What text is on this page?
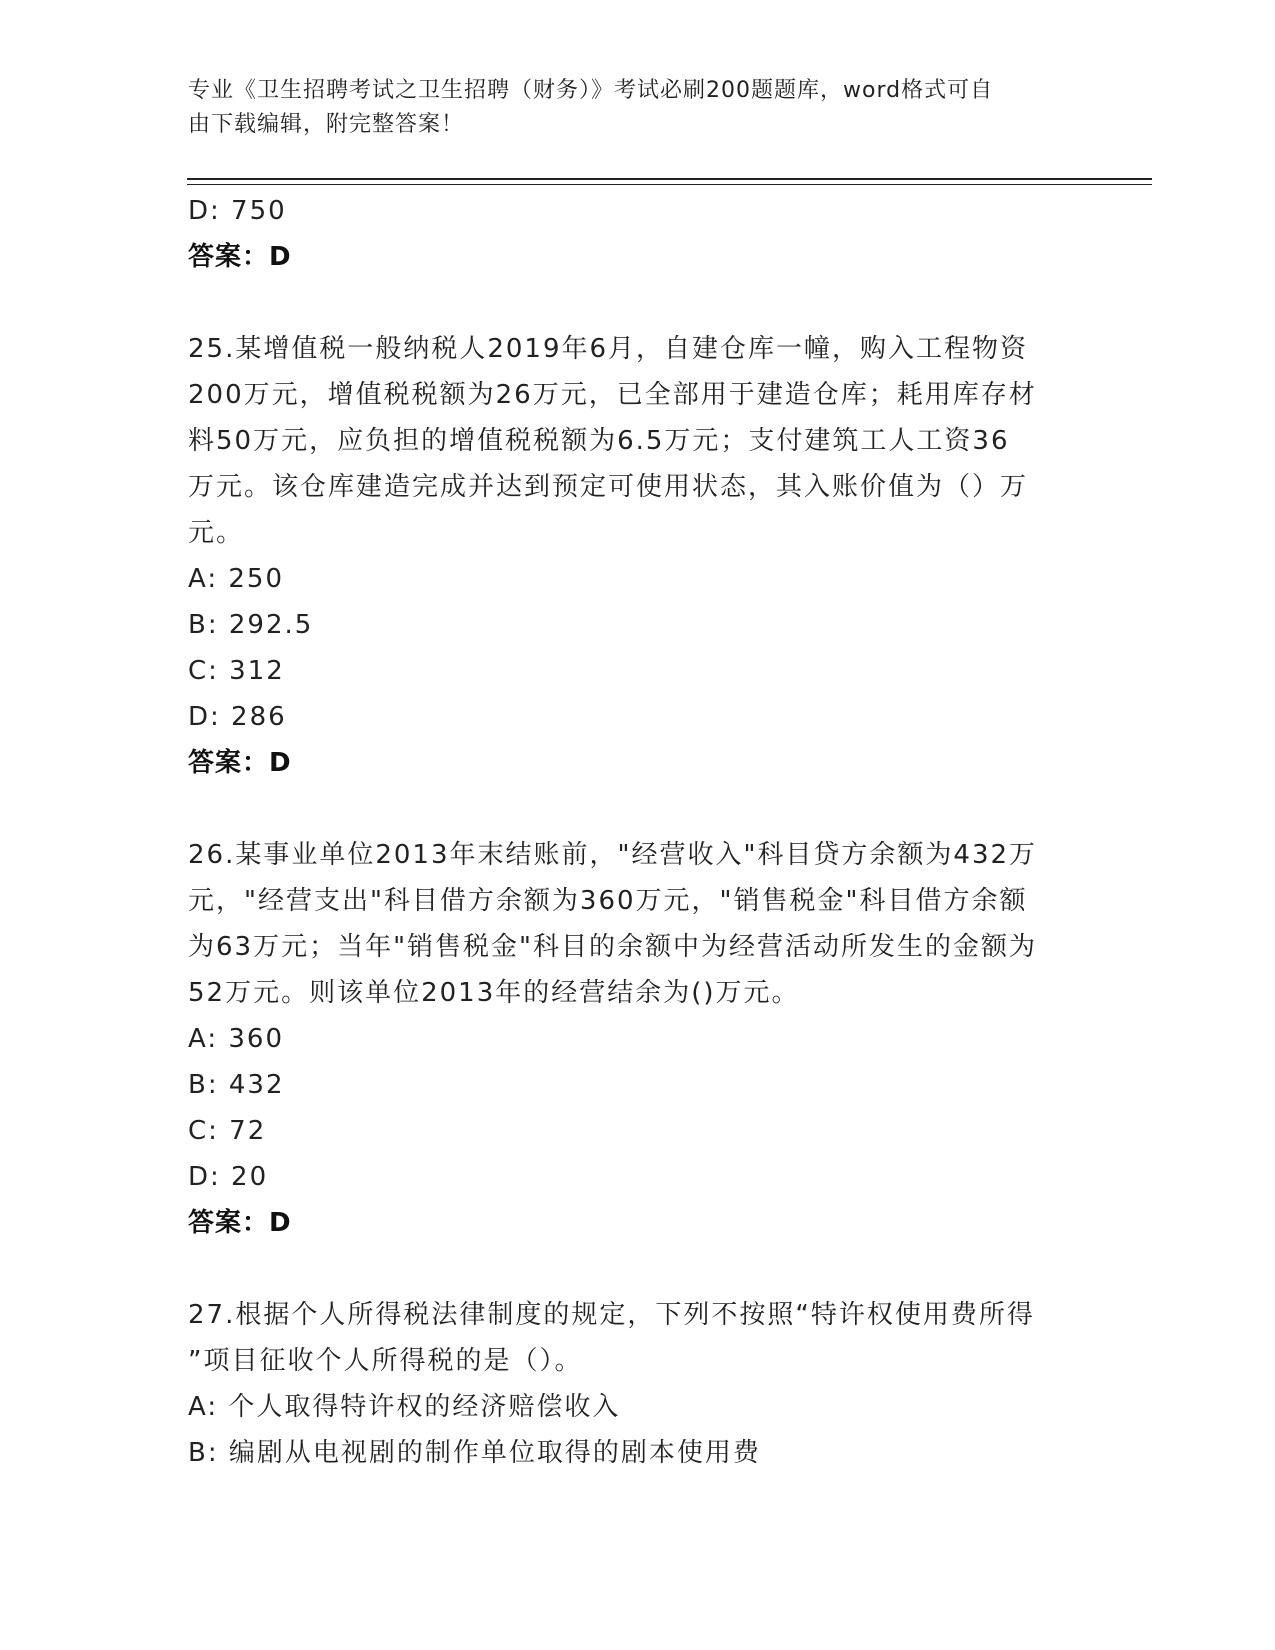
专业《卫生招聘考试之卫生招聘（财务）》考试必刷200题题库，word格式可自
由下载编辑，附完整答案！
D: 750
答案：D
25.某增值税一般纳税人2019年6月，自建仓库一幢，购入工程物资
200万元，增值税税额为26万元，已全部用于建造仓库；耗用库存材
料50万元，应负担的增值税税额为6.5万元；支付建筑工人工资36
万元。该仓库建造完成并达到预定可使用状态，其入账价值为（）万
元。
A: 250
B: 292.5
C: 312
D: 286
答案：D
26.某事业单位2013年末结账前，"经营收入"科目贷方余额为432万
元，"经营支出"科目借方余额为360万元，"销售税金"科目借方余额
为63万元；当年"销售税金"科目的余额中为经营活动所发生的金额为
52万元。则该单位2013年的经营结余为()万元。
A: 360
B: 432
C: 72
D: 20
答案：D
27.根据个人所得税法律制度的规定，下列不按照“特许权使用费所得
”项目征收个人所得税的是（）。
A: 个人取得特许权的经济赔偿收入
B: 编剧从电视剧的制作单位取得的剧本使用费
